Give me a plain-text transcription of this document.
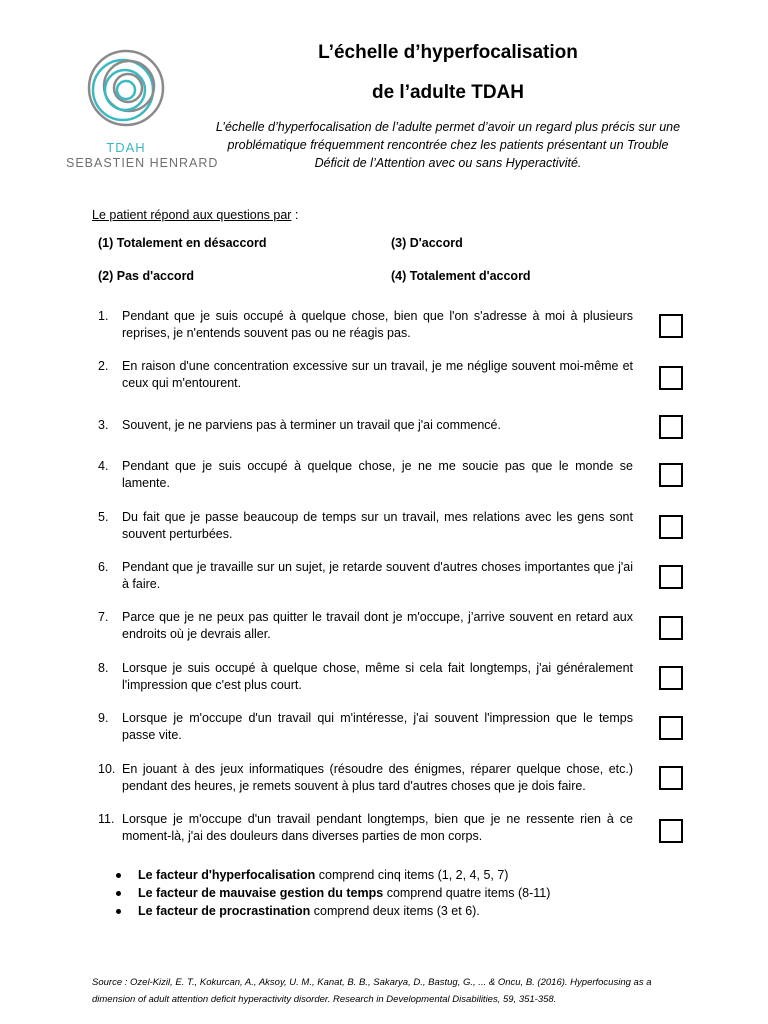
TDAH
SEBASTIEN HENRARD
L’échelle d’hyperfocalisation
de l’adulte TDAH

L’échelle d’hyperfocalisation de l’adulte permet d’avoir un regard plus précis sur une problématique fréquemment rencontrée chez les patients présentant un Trouble Déficit de l’Attention avec ou sans Hyperactivité.

Le patient répond aux questions par :

(1) Totalement en désaccord	(3) D'accord
(2) Pas d'accord	(4) Totalement d'accord
1. Pendant que je suis occupé à quelque chose, bien que l'on s'adresse à moi à plusieurs reprises, je n'entends souvent pas ou ne réagis pas.
2. En raison d'une concentration excessive sur un travail, je me néglige souvent moi-même et ceux qui m'entourent.
3. Souvent, je ne parviens pas à terminer un travail que j'ai commencé.
4. Pendant que je suis occupé à quelque chose, je ne me soucie pas que le monde se lamente.
5. Du fait que je passe beaucoup de temps sur un travail, mes relations avec les gens sont souvent perturbées.
6. Pendant que je travaille sur un sujet, je retarde souvent d'autres choses importantes que j'ai à faire.
7. Parce que je ne peux pas quitter le travail dont je m'occupe, j’arrive souvent en retard aux endroits où je devrais aller.
8. Lorsque je suis occupé à quelque chose, même si cela fait longtemps, j'ai généralement l'impression que c'est plus court.
9. Lorsque je m'occupe d'un travail qui m'intéresse, j'ai souvent l'impression que le temps passe vite.
10. En jouant à des jeux informatiques (résoudre des énigmes, réparer quelque chose, etc.) pendant des heures, je remets souvent à plus tard d'autres choses que je dois faire.
11. Lorsque je m'occupe d'un travail pendant longtemps, bien que je ne ressente rien à ce moment-là, j'ai des douleurs dans diverses parties de mon corps.
Le facteur d'hyperfocalisation comprend cinq items (1, 2, 4, 5, 7)
Le facteur de mauvaise gestion du temps comprend quatre items (8-11)
Le facteur de procrastination comprend deux items (3 et 6).

Source : Ozel-Kizil, E. T., Kokurcan, A., Aksoy, U. M., Kanat, B. B., Sakarya, D., Bastug, G., ... & Oncu, B. (2016). Hyperfocusing as a dimension of adult attention deficit hyperactivity disorder. Research in Developmental Disabilities, 59, 351-358.
